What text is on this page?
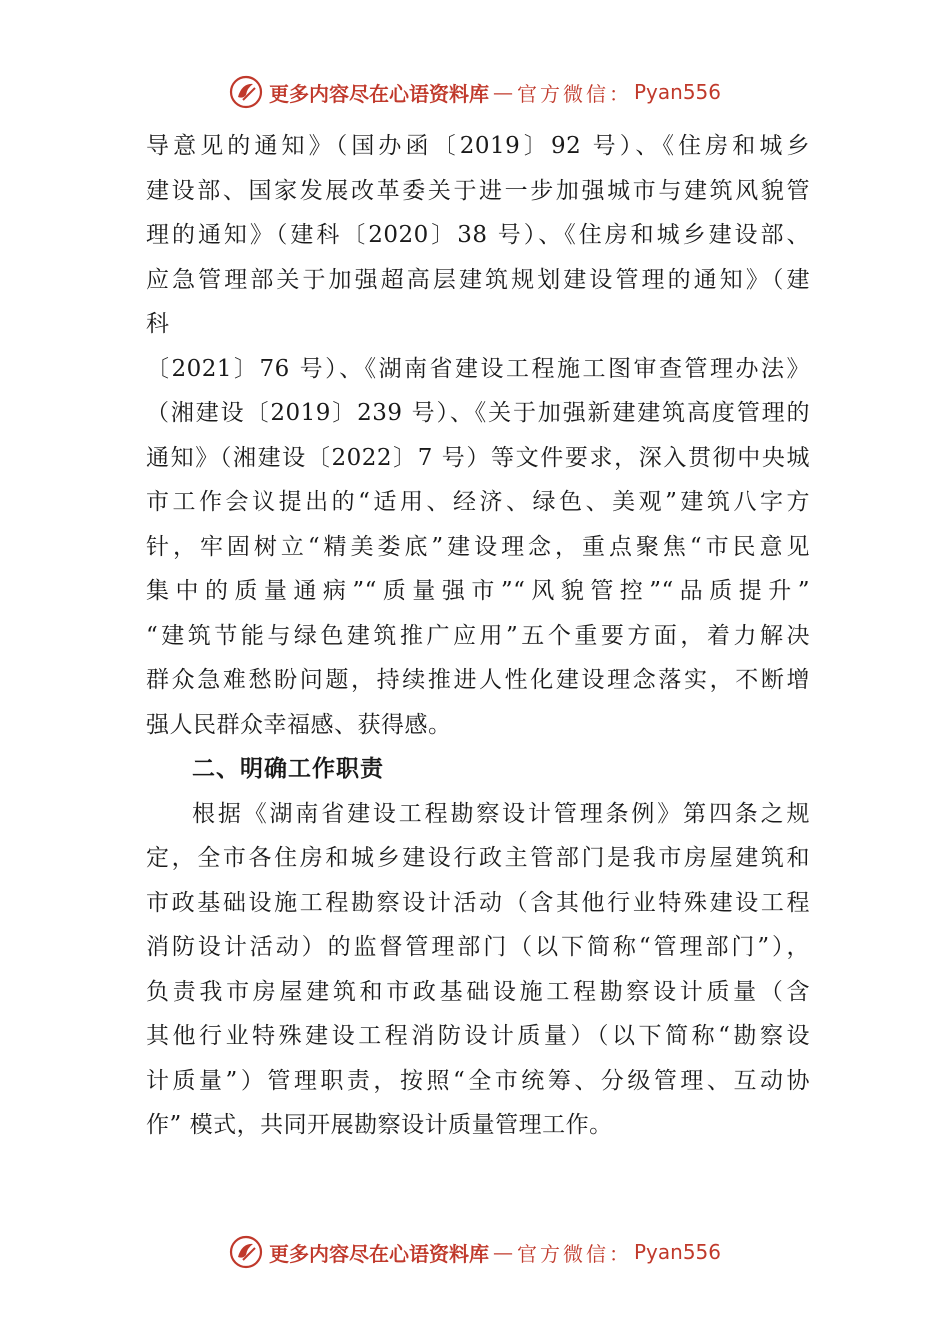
更多内容尽在心语资料库 — 官方微信： Pyan556
导意见的通知》（国办函〔2019〕92 号）、《住房和城乡
建设部、国家发展改革委关于进一步加强城市与建筑风貌管
理的通知》（建科〔2020〕38 号）、《住房和城乡建设部、
应急管理部关于加强超高层建筑规划建设管理的通知》（建
科
〔2021〕76 号）、《湖南省建设工程施工图审查管理办法》
（湘建设〔2019〕239 号）、《关于加强新建建筑高度管理的
通知》（湘建设〔2022〕7 号）等文件要求，深入贯彻中央城
市工作会议提出的“适用、经济、绿色、美观”建筑八字方
针，牢固树立“精美娄底”建设理念，重点聚焦“市民意见
集中的质量通病”“质量强市”“风貌管控”“品质提升”
“建筑节能与绿色建筑推广应用”五个重要方面，着力解决
群众急难愁盼问题，持续推进人性化建设理念落实，不断增
强人民群众幸福感、获得感。
二、明确工作职责
根据《湖南省建设工程勘察设计管理条例》第四条之规
定，全市各住房和城乡建设行政主管部门是我市房屋建筑和
市政基础设施工程勘察设计活动（含其他行业特殊建设工程
消防设计活动）的监督管理部门（以下简称“管理部门”），
负责我市房屋建筑和市政基础设施工程勘察设计质量（含
其他行业特殊建设工程消防设计质量）（以下简称“勘察设
计质量”）管理职责，按照“全市统筹、分级管理、互动协
作” 模式，共同开展勘察设计质量管理工作。
更多内容尽在心语资料库 — 官方微信： Pyan556
